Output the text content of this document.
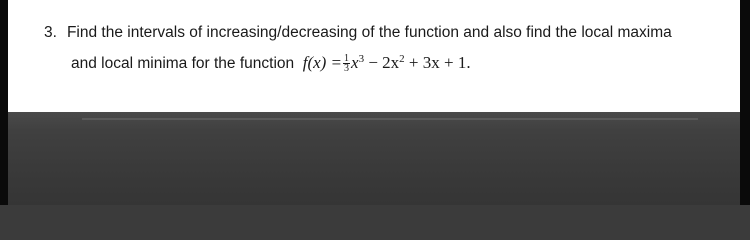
3. Find the intervals of increasing/decreasing of the function and also find the local maxima
and local minima for the function $f(x) = \frac{1}{3} x^3 - 2x^2 + 3x + 1$.
